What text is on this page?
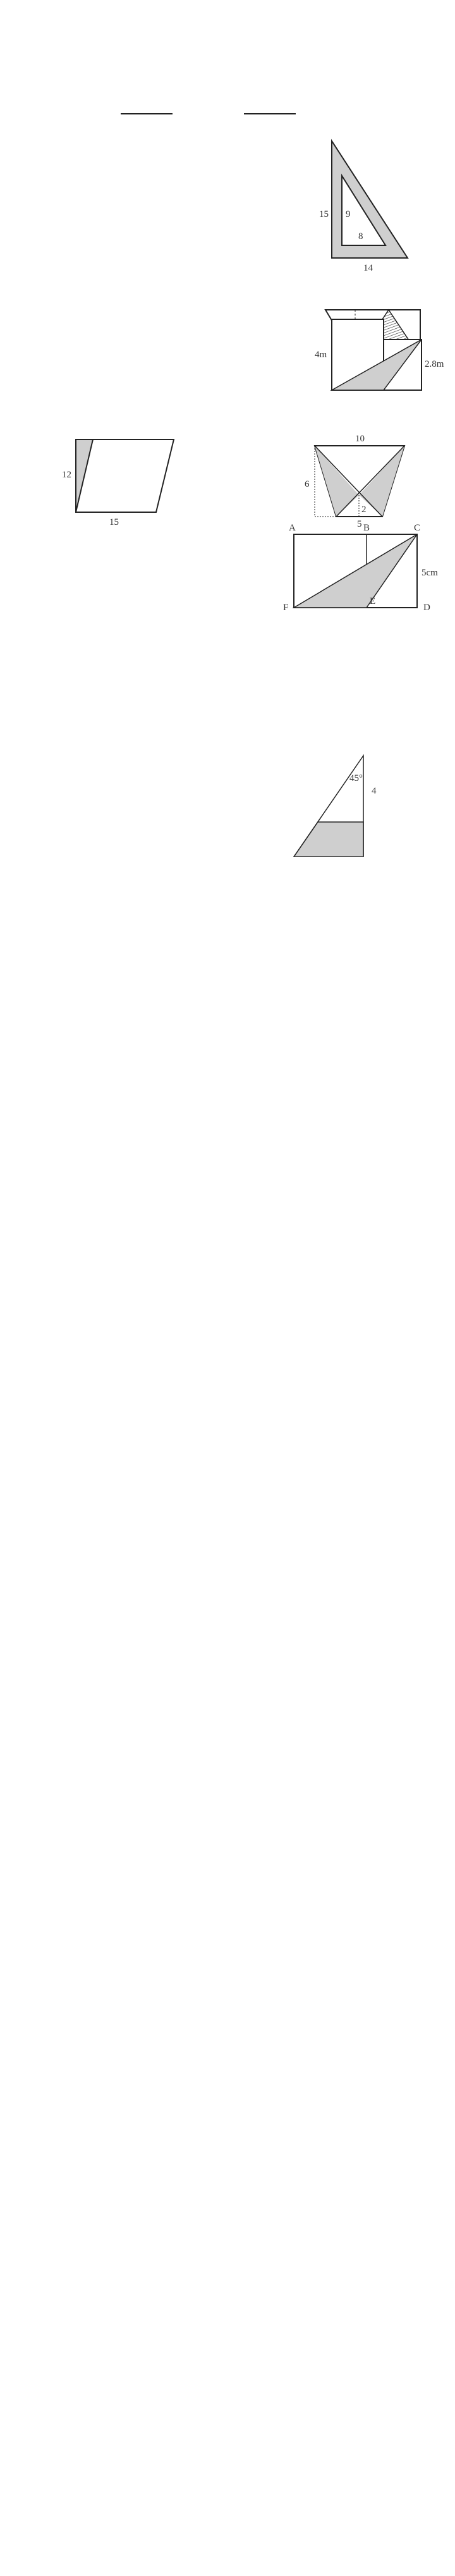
15 9
8
14
4m
2.8m
12
15
10
6
2
5
A	B	C
5cm
E
F	D
45°
4
